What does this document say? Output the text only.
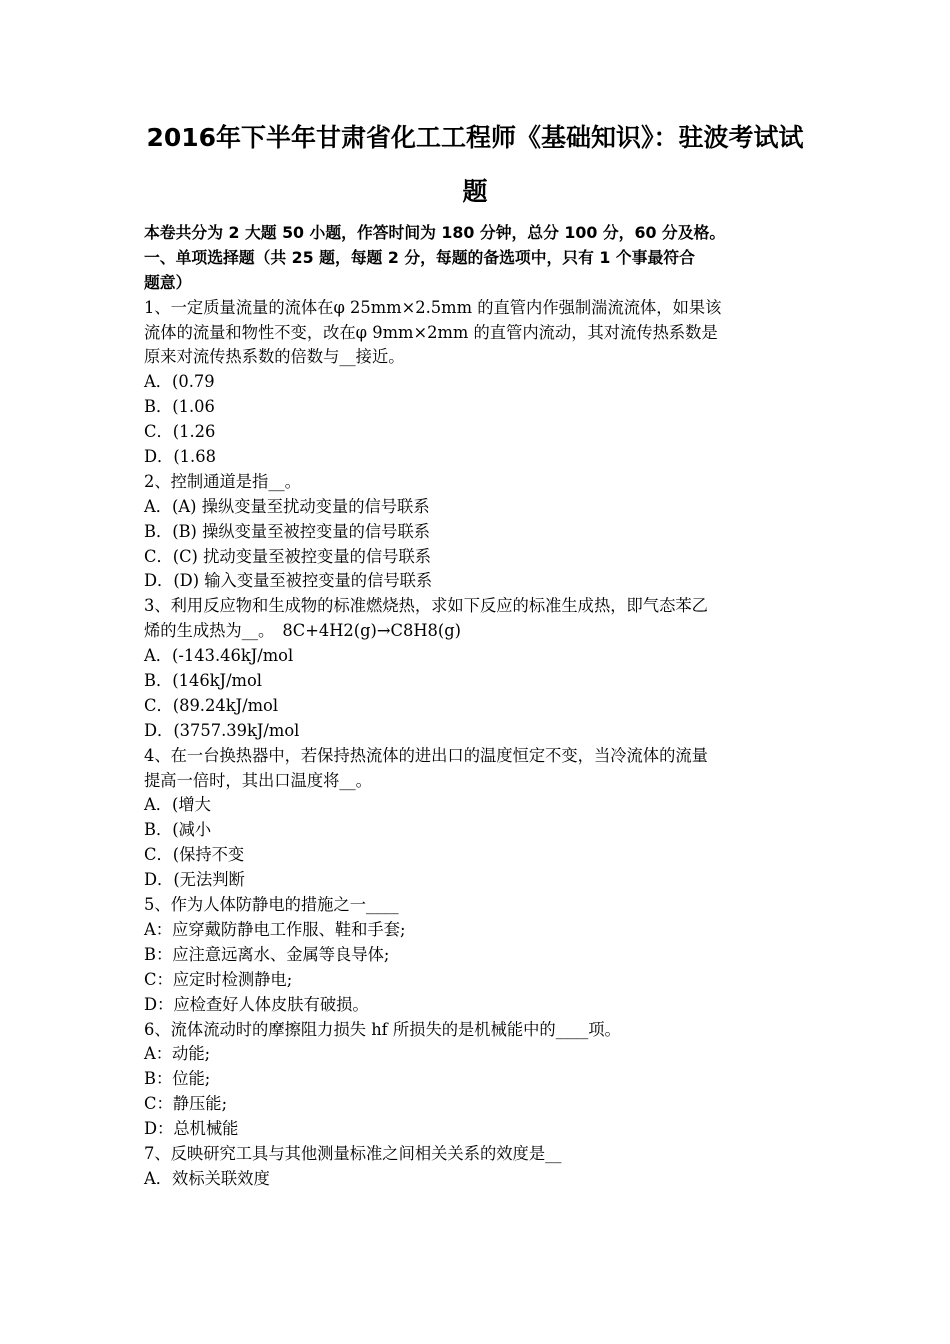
2016年下半年甘肃省化工工程师《基础知识》：驻波考试试
题
本卷共分为 2 大题 50 小题，作答时间为 180 分钟，总分 100 分，60 分及格。
一、单项选择题（共 25 题，每题 2 分，每题的备选项中，只有 1 个事最符合
题意）
1、一定质量流量的流体在φ 25mm×2.5mm 的直管内作强制湍流流体，如果该
流体的流量和物性不变，改在φ 9mm×2mm 的直管内流动，其对流传热系数是
原来对流传热系数的倍数与__接近。
A．(0.79
B．(1.06
C．(1.26
D．(1.68
2、控制通道是指__。
A．(A) 操纵变量至扰动变量的信号联系
B．(B) 操纵变量至被控变量的信号联系
C．(C) 扰动变量至被控变量的信号联系
D．(D) 输入变量至被控变量的信号联系
3、利用反应物和生成物的标准燃烧热，求如下反应的标准生成热，即气态苯乙
烯的生成热为__。　8C+4H2(g)→C8H8(g)
A．(-143.46kJ/mol
B．(146kJ/mol
C．(89.24kJ/mol
D．(3757.39kJ/mol
4、在一台换热器中，若保持热流体的进出口的温度恒定不变，当冷流体的流量
提高一倍时，其出口温度将__。
A．(增大
B．(减小
C．(保持不变
D．(无法判断
5、作为人体防静电的措施之一____
A：应穿戴防静电工作服、鞋和手套;
B：应注意远离水、金属等良导体;
C：应定时检测静电;
D：应检查好人体皮肤有破损。
6、流体流动时的摩擦阻力损失 hf 所损失的是机械能中的____项。
A：动能;
B：位能;
C：静压能;
D：总机械能
7、反映研究工具与其他测量标准之间相关关系的效度是__
A．效标关联效度
